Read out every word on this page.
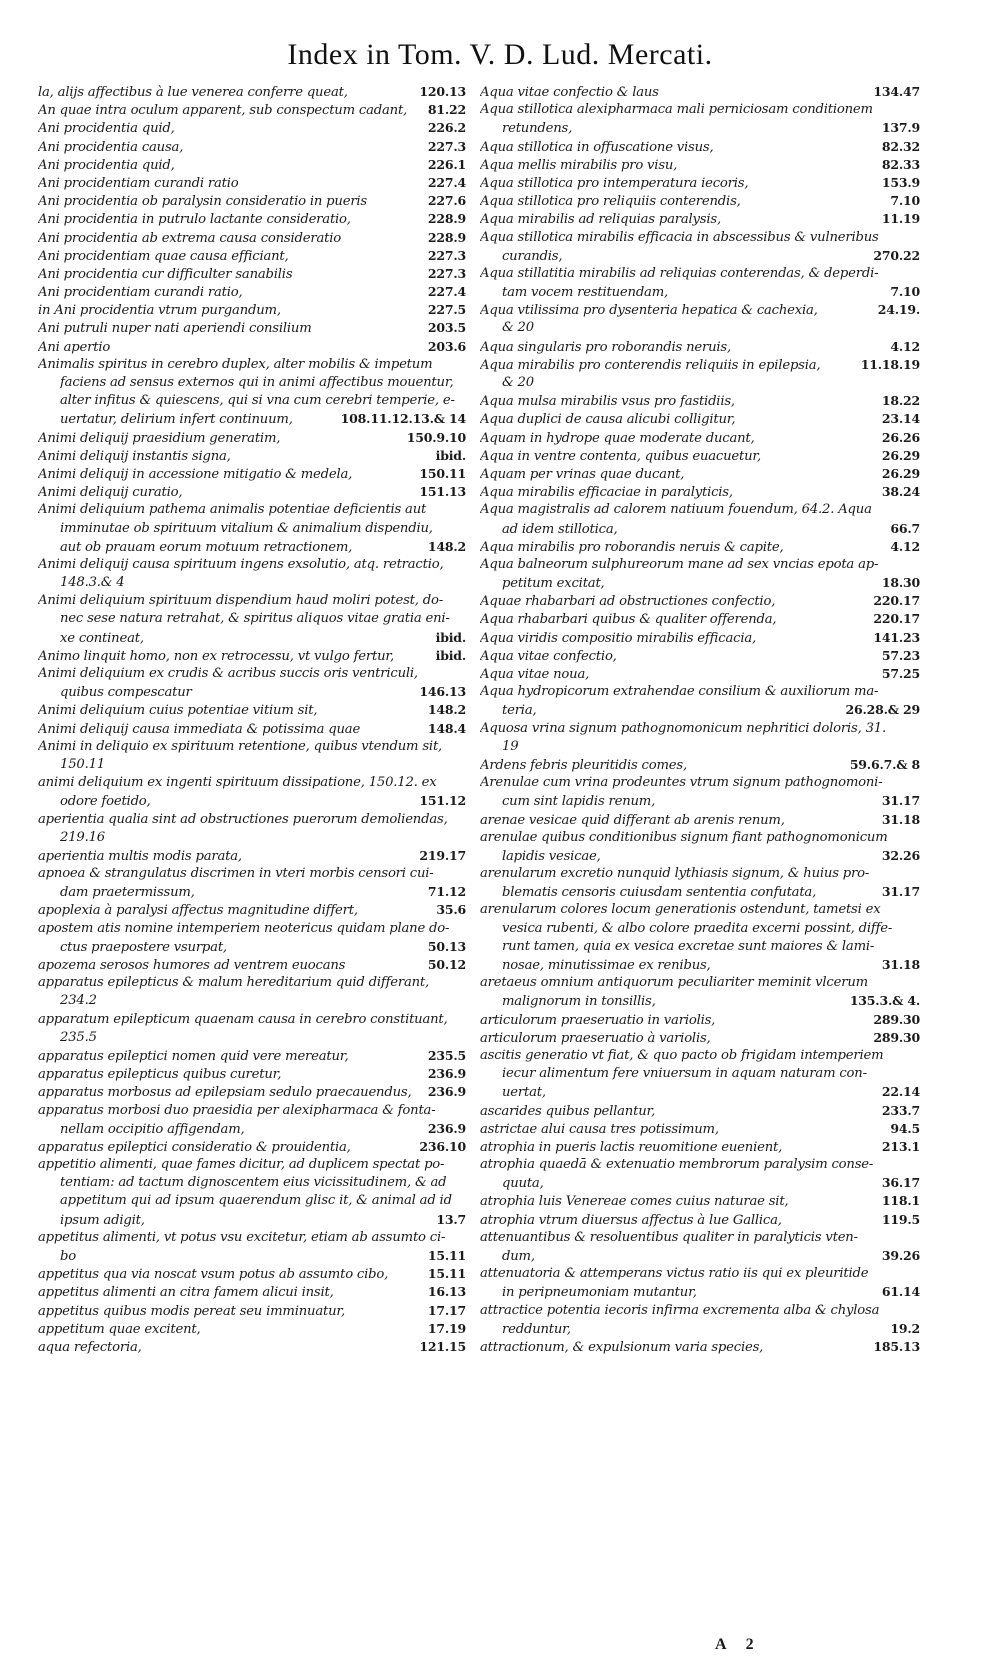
Index in Tom. V. D. Lud. Mercati.
la, alijs affectibus à lue venerea conferre queat,	120.13
An quae intra oculum apparent, sub conspectum cadant,	81.22
Ani procidentia quid,	226.2
Ani procidentia causa,	227.3
Ani procidentia quid,	226.1
Ani procidentiam curandi ratio	227.4
Ani procidentia ob paralysin consideratio in pueris	227.6
Ani procidentia in putrulo lactante consideratio,	228.9
Ani procidentia ab extrema causa consideratio	228.9
Ani procidentiam quae causa efficiant,	227.3
Ani procidentia cur difficulter sanabilis	227.3
Ani procidentiam curandi ratio,	227.4
in Ani procidentia vtrum purgandum,	227.5
Ani putruli nuper nati aperiendi consilium	203.5
Ani apertio	203.6
Animalis spiritus in cerebro duplex, alter mobilis & impetum
faciens ad sensus externos qui in animi affectibus mouentur,
alter infitus & quiescens, qui si vna cum cerebri temperie, e-
uertatur, delirium infert continuum,	108.11.12.13.& 14
Animi deliquij praesidium generatim,	150.9.10
Animi deliquij instantis signa,	ibid.
Animi deliquij in accessione mitigatio & medela,	150.11
Animi deliquij curatio,	151.13
Animi deliquium pathema animalis potentiae deficientis aut
imminutae ob spirituum vitalium & animalium dispendiu,
aut ob prauam eorum motuum retractionem,	148.2
Animi deliquij causa spirituum ingens exsolutio, atq. retractio,
148.3.& 4
Animi deliquium spirituum dispendium haud moliri potest, do-
nec sese natura retrahat, & spiritus aliquos vitae gratia eni-
xe contineat,	ibid.
Animo linquit homo, non ex retrocessu, vt vulgo fertur,	ibid.
Animi deliquium ex crudis & acribus succis oris ventriculi,
quibus compescatur	146.13
Animi deliquium cuius potentiae vitium sit,	148.2
Animi deliquij causa immediata & potissima quae	148.4
Animi in deliquio ex spirituum retentione, quibus vtendum sit,
150.11
animi deliquium ex ingenti spirituum dissipatione, 150.12. ex
odore foetido,	151.12
aperientia qualia sint ad obstructiones puerorum demoliendas,
219.16
aperientia multis modis parata,	219.17
apnoea & strangulatus discrimen in vteri morbis censori cui-
dam praetermissum,	71.12
apoplexia à paralysi affectus magnitudine differt,	35.6
apostem atis nomine intemperiem neotericus quidam plane do-
ctus praepostere vsurpat,	50.13
apozema serosos humores ad ventrem euocans	50.12
apparatus epilepticus & malum hereditarium quid differant,
234.2
apparatum epilepticum quaenam causa in cerebro constituant,
235.5
apparatus epileptici nomen quid vere mereatur,	235.5
apparatus epilepticus quibus curetur,	236.9
apparatus morbosus ad epilepsiam sedulo praecauendus,	236.9
apparatus morbosi duo praesidia per alexipharmaca & fonta-
nellam occipitio affigendam,	236.9
apparatus epileptici consideratio & prouidentia,	236.10
appetitio alimenti, quae fames dicitur, ad duplicem spectat po-
tentiam: ad tactum dignoscentem eius vicissitudinem, & ad
appetitum qui ad ipsum quaerendum glisc it, & animal ad id
ipsum adigit,	13.7
appetitus alimenti, vt potus vsu excitetur, etiam ab assumto ci-
bo	15.11
appetitus qua via noscat vsum potus ab assumto cibo,	15.11
appetitus alimenti an citra famem alicui insit,	16.13
appetitus quibus modis pereat seu imminuatur,	17.17
appetitum quae excitent,	17.19
aqua refectoria,	121.15
Aqua vitae confectio & laus	134.47
Aqua stillotica alexipharmaca mali perniciosam conditionem
retundens,	137.9
Aqua stillotica in offuscatione visus,	82.32
Aqua mellis mirabilis pro visu,	82.33
Aqua stillotica pro intemperatura iecoris,	153.9
Aqua stillotica pro reliquiis conterendis,	7.10
Aqua mirabilis ad reliquias paralysis,	11.19
Aqua stillotica mirabilis efficacia in abscessibus & vulneribus
curandis,	270.22
Aqua stillatitia mirabilis ad reliquias conterendas, & deperdi-
tam vocem restituendam,	7.10
Aqua vtilissima pro dysenteria hepatica & cachexia,	24.19.
& 20
Aqua singularis pro roborandis neruis,	4.12
Aqua mirabilis pro conterendis reliquiis in epilepsia,	11.18.19
& 20
Aqua mulsa mirabilis vsus pro fastidiis,	18.22
Aqua duplici de causa alicubi colligitur,	23.14
Aquam in hydrope quae moderate ducant,	26.26
Aqua in ventre contenta, quibus euacuetur,	26.29
Aquam per vrinas quae ducant,	26.29
Aqua mirabilis efficaciae in paralyticis,	38.24
Aqua magistralis ad calorem natiuum fouendum, 64.2. Aqua
ad idem stillotica,	66.7
Aqua mirabilis pro roborandis neruis & capite,	4.12
Aqua balneorum sulphureorum mane ad sex vncias epota ap-
petitum excitat,	18.30
Aquae rhabarbari ad obstructiones confectio,	220.17
Aqua rhabarbari quibus & qualiter offerenda,	220.17
Aqua viridis compositio mirabilis efficacia,	141.23
Aqua vitae confectio,	57.23
Aqua vitae noua,	57.25
Aqua hydropicorum extrahendae consilium & auxiliorum ma-
teria,	26.28.& 29
Aquosa vrina signum pathognomonicum nephritici doloris, 31.
19
Ardens febris pleuritidis comes,	59.6.7.& 8
Arenulae cum vrina prodeuntes vtrum signum pathognomoni-
cum sint lapidis renum,	31.17
arenae vesicae quid differant ab arenis renum,	31.18
arenulae quibus conditionibus signum fiant pathognomonicum
lapidis vesicae,	32.26
arenularum excretio nunquid lythiasis signum, & huius pro-
blematis censoris cuiusdam sententia confutata,	31.17
arenularum colores locum generationis ostendunt, tametsi ex
vesica rubenti, & albo colore praedita excerni possint, diffe-
runt tamen, quia ex vesica excretae sunt maiores & lami-
nosae, minutissimae ex renibus,	31.18
aretaeus omnium antiquorum peculiariter meminit vlcerum
malignorum in tonsillis,	135.3.& 4.
articulorum praeseruatio in variolis,	289.30
articulorum praeseruatio à variolis,	289.30
ascitis generatio vt fiat, & quo pacto ob frigidam intemperiem
iecur alimentum fere vniuersum in aquam naturam con-
uertat,	22.14
ascarides quibus pellantur,	233.7
astrictae alui causa tres potissimum,	94.5
atrophia in pueris lactis reuomitione euenient,	213.1
atrophia quaedā & extenuatio membrorum paralysim conse-
quuta,	36.17
atrophia luis Venereae comes cuius naturae sit,	118.1
atrophia vtrum diuersus affectus à lue Gallica,	119.5
attenuantibus & resoluentibus qualiter in paralyticis vten-
dum,	39.26
attenuatoria & attemperans victus ratio iis qui ex pleuritide
in peripneumoniam mutantur,	61.14
attractice potentia iecoris infirma excrementa alba & chylosa
redduntur,	19.2
attractionum, & expulsionum varia species,	185.13
A 2
